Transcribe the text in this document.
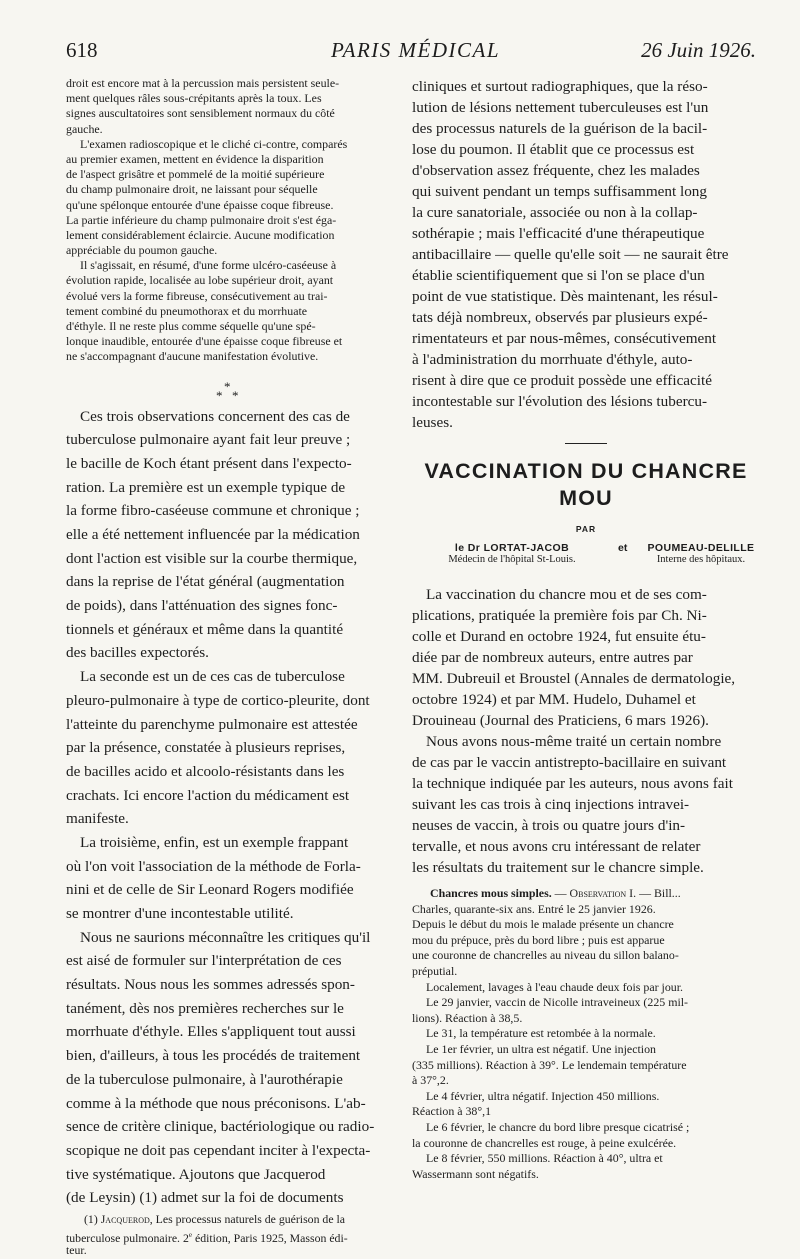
618	PARIS MÉDICAL	26 Juin 1926.
droit est encore mat à la percussion mais persistent seule-
ment quelques râles sous-crépitants après la toux. Les
signes auscultatoires sont sensiblement normaux du côté
gauche.
L'examen radioscopique et le cliché ci-contre, comparés
au premier examen, mettent en évidence la disparition
de l'aspect grisâtre et pommelé de la moitié supérieure
du champ pulmonaire droit, ne laissant pour séquelle
qu'une spélonque entourée d'une épaisse coque fibreuse.
La partie inférieure du champ pulmonaire droit s'est éga-
lement considérablement éclaircie. Aucune modification
appréciable du poumon gauche.
Il s'agissait, en résumé, d'une forme ulcéro-caséeuse à
évolution rapide, localisée au lobe supérieur droit, ayant
évolué vers la forme fibreuse, consécutivement au trai-
tement combiné du pneumothorax et du morrhuate
d'éthyle. Il ne reste plus comme séquelle qu'une spé-
lonque inaudible, entourée d'une épaisse coque fibreuse et
ne s'accompagnant d'aucune manifestation évolutive.
*
* *
Ces trois observations concernent des cas de
tuberculose pulmonaire ayant fait leur preuve ;
le bacille de Koch étant présent dans l'expecto-
ration. La première est un exemple typique de
la forme fibro-caséeuse commune et chronique ;
elle a été nettement influencée par la médication
dont l'action est visible sur la courbe thermique,
dans la reprise de l'état général (augmentation
de poids), dans l'atténuation des signes fonc-
tionnels et généraux et même dans la quantité
des bacilles expectorés.
La seconde est un de ces cas de tuberculose
pleuro-pulmonaire à type de cortico-pleurite, dont
l'atteinte du parenchyme pulmonaire est attestée
par la présence, constatée à plusieurs reprises,
de bacilles acido et alcoolo-résistants dans les
crachats. Ici encore l'action du médicament est
manifeste.
La troisième, enfin, est un exemple frappant
où l'on voit l'association de la méthode de Forla-
nini et de celle de Sir Leonard Rogers modifiée
se montrer d'une incontestable utilité.
Nous ne saurions méconnaître les critiques qu'il
est aisé de formuler sur l'interprétation de ces
résultats. Nous nous les sommes adressés spon-
tanément, dès nos premières recherches sur le
morrhuate d'éthyle. Elles s'appliquent tout aussi
bien, d'ailleurs, à tous les procédés de traitement
de la tuberculose pulmonaire, à l'aurothérapie
comme à la méthode que nous préconisons. L'ab-
sence de critère clinique, bactériologique ou radio-
scopique ne doit pas cependant inciter à l'expecta-
tive systématique. Ajoutons que Jacquerod
(de Leysin) (1) admet sur la foi de documents
(1) Jacquerod, Les processus naturels de guérison de la
tuberculose pulmonaire. 2e édition, Paris 1925, Masson édi-
teur.
cliniques et surtout radiographiques, que la réso-
lution de lésions nettement tuberculeuses est l'un
des processus naturels de la guérison de la bacil-
lose du poumon. Il établit que ce processus est
d'observation assez fréquente, chez les malades
qui suivent pendant un temps suffisamment long
la cure sanatoriale, associée ou non à la collap-
sothérapie ; mais l'efficacité d'une thérapeutique
antibacillaire — quelle qu'elle soit — ne saurait être
établie scientifiquement que si l'on se place d'un
point de vue statistique. Dès maintenant, les résul-
tats déjà nombreux, observés par plusieurs expé-
rimentateurs et par nous-mêmes, consécutivement
à l'administration du morrhuate d'éthyle, auto-
risent à dire que ce produit possède une efficacité
incontestable sur l'évolution des lésions tubercu-
leuses.
VACCINATION DU CHANCRE
MOU
PAR
le Dr LORTAT-JACOB
Médecin de l'hôpital St-Louis.
et	POUMEAU-DELILLE
Interne des hôpitaux.
La vaccination du chancre mou et de ses com-
plications, pratiquée la première fois par Ch. Ni-
colle et Durand en octobre 1924, fut ensuite étu-
diée par de nombreux auteurs, entre autres par
MM. Dubreuil et Broustel (Annales de dermatologie,
octobre 1924) et par MM. Hudelo, Duhamel et
Drouineau (Journal des Praticiens, 6 mars 1926).
Nous avons nous-même traité un certain nombre
de cas par le vaccin antistrepto-bacillaire en suivant
la technique indiquée par les auteurs, nous avons fait
suivant les cas trois à cinq injections intravei-
neuses de vaccin, à trois ou quatre jours d'in-
tervalle, et nous avons cru intéressant de relater
les résultats du traitement sur le chancre simple.
Chancres mous simples. — Observation I. — Bill...
Charles, quarante-six ans. Entré le 25 janvier 1926.
Depuis le début du mois le malade présente un chancre
mou du prépuce, près du bord libre ; puis est apparue
une couronne de chancrelles au niveau du sillon balano-
préputial.
Localement, lavages à l'eau chaude deux fois par jour.
Le 29 janvier, vaccin de Nicolle intraveineux (225 mil-
lions). Réaction à 38,5.
Le 31, la température est retombée à la normale.
Le 1er février, un ultra est négatif. Une injection
(335 millions). Réaction à 39°. Le lendemain température
à 37°,2.
Le 4 février, ultra négatif. Injection 450 millions.
Réaction à 38°,1
Le 6 février, le chancre du bord libre presque cicatrisé ;
la couronne de chancrelles est rouge, à peine exulcérée.
Le 8 février, 550 millions. Réaction à 40°, ultra et
Wassermann sont négatifs.
